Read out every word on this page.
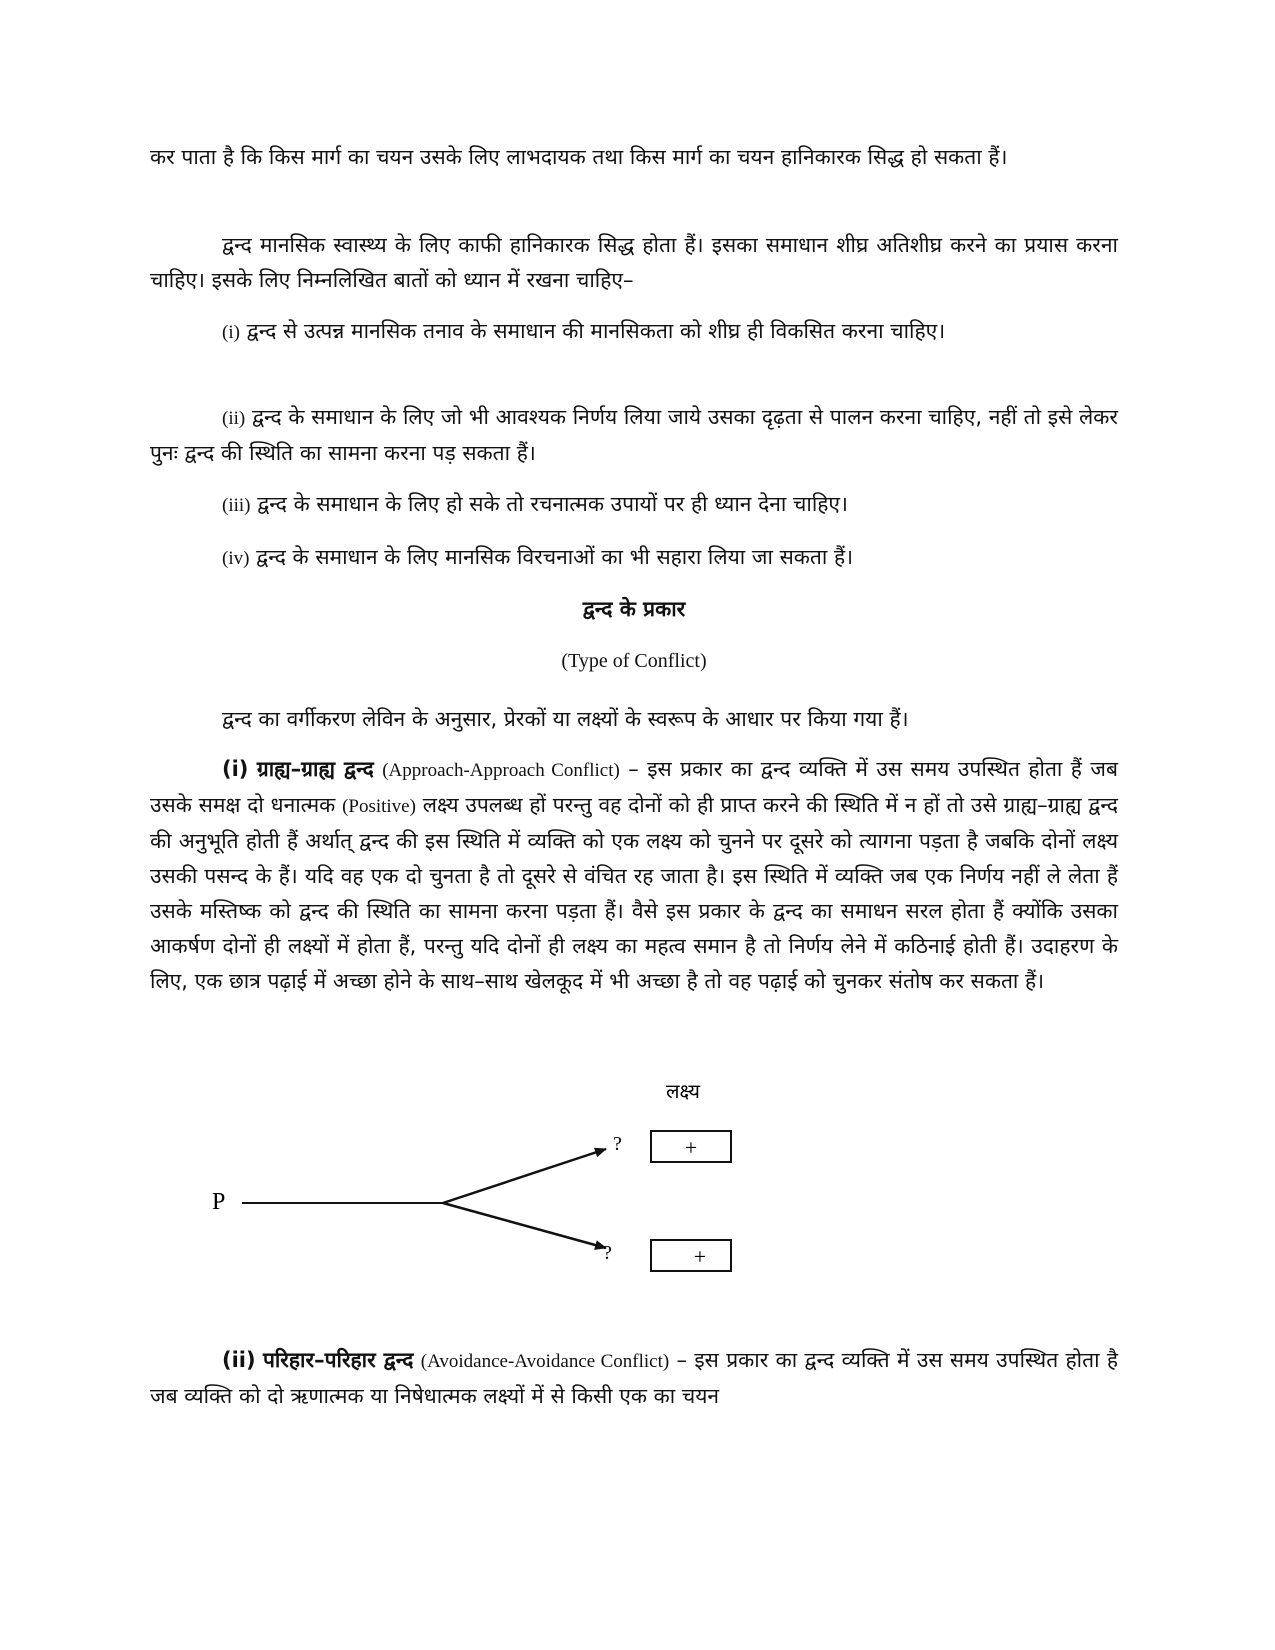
कर पाता है कि किस मार्ग का चयन उसके लिए लाभदायक तथा किस मार्ग का चयन हानिकारक सिद्ध हो सकता हैं।
द्वन्द मानसिक स्वास्थ्य के लिए काफी हानिकारक सिद्ध होता हैं। इसका समाधान शीघ्र अतिशीघ्र करने का प्रयास करना चाहिए। इसके लिए निम्नलिखित बातों को ध्यान में रखना चाहिए–
(i) द्वन्द से उत्पन्न मानसिक तनाव के समाधान की मानसिकता को शीघ्र ही विकसित करना चाहिए।
(ii) द्वन्द के समाधान के लिए जो भी आवश्यक निर्णय लिया जाये उसका दृढ़ता से पालन करना चाहिए, नहीं तो इसे लेकर पुनः द्वन्द की स्थिति का सामना करना पड़ सकता हैं।
(iii) द्वन्द के समाधान के लिए हो सके तो रचनात्मक उपायों पर ही ध्यान देना चाहिए।
(iv) द्वन्द के समाधान के लिए मानसिक विरचनाओं का भी सहारा लिया जा सकता हैं।
द्वन्द के प्रकार
(Type of Conflict)
द्वन्द का वर्गीकरण लेविन के अनुसार, प्रेरकों या लक्ष्यों के स्वरूप के आधार पर किया गया हैं।
(i) ग्राह्य–ग्राह्य द्वन्द (Approach-Approach Conflict) – इस प्रकार का द्वन्द व्यक्ति में उस समय उपस्थित होता हैं जब उसके समक्ष दो धनात्मक (Positive) लक्ष्य उपलब्ध हों परन्तु वह दोनों को ही प्राप्त करने की स्थिति में न हों तो उसे ग्राह्य–ग्राह्य द्वन्द की अनुभूति होती हैं अर्थात् द्वन्द की इस स्थिति में व्यक्ति को एक लक्ष्य को चुनने पर दूसरे को त्यागना पड़ता है जबकि दोनों लक्ष्य उसकी पसन्द के हैं। यदि वह एक दो चुनता है तो दूसरे से वंचित रह जाता है। इस स्थिति में व्यक्ति जब एक निर्णय नहीं ले लेता हैं उसके मस्तिष्क को द्वन्द की स्थिति का सामना करना पड़ता हैं। वैसे इस प्रकार के द्वन्द का समाधन सरल होता हैं क्योंकि उसका आकर्षण दोनों ही लक्ष्यों में होता हैं, परन्तु यदि दोनों ही लक्ष्य का महत्व समान है तो निर्णय लेने में कठिनाई होती हैं। उदाहरण के लिए, एक छात्र पढ़ाई में अच्छा होने के साथ–साथ खेलकूद में भी अच्छा है तो वह पढ़ाई को चुनकर संतोष कर सकता हैं।
लक्ष्य
P
?
?
+
+
(ii) परिहार–परिहार द्वन्द (Avoidance-Avoidance Conflict) – इस प्रकार का द्वन्द व्यक्ति में उस समय उपस्थित होता है जब व्यक्ति को दो ऋणात्मक या निषेधात्मक लक्ष्यों में से किसी एक का चयन
